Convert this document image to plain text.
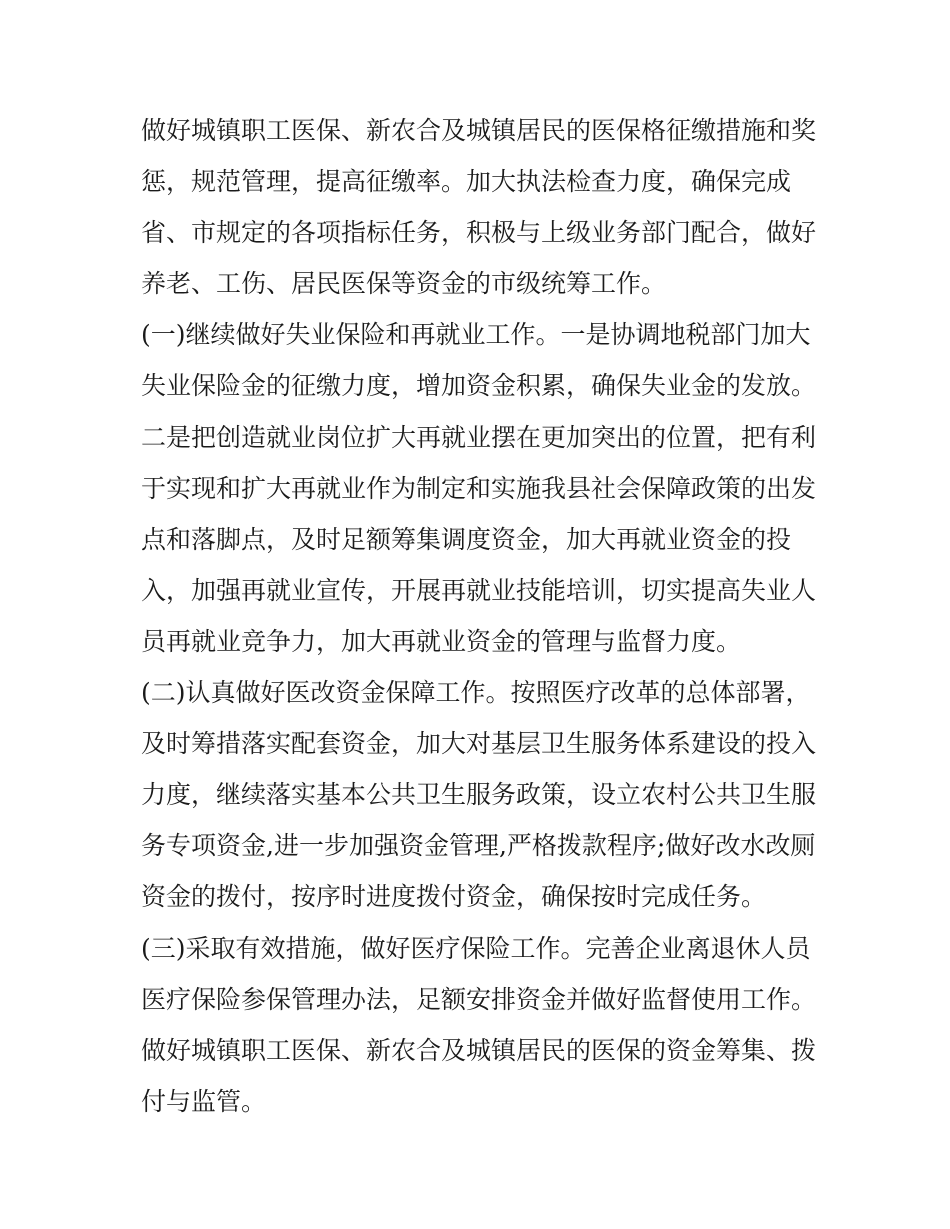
做好城镇职工医保、新农合及城镇居民的医保格征缴措施和奖
惩，规范管理，提高征缴率。加大执法检查力度，确保完成
省、市规定的各项指标任务，积极与上级业务部门配合，做好
养老、工伤、居民医保等资金的市级统筹工作。
(一)继续做好失业保险和再就业工作。一是协调地税部门加大
失业保险金的征缴力度，增加资金积累，确保失业金的发放。
二是把创造就业岗位扩大再就业摆在更加突出的位置，把有利
于实现和扩大再就业作为制定和实施我县社会保障政策的出发
点和落脚点，及时足额筹集调度资金，加大再就业资金的投
入，加强再就业宣传，开展再就业技能培训，切实提高失业人
员再就业竞争力，加大再就业资金的管理与监督力度。
(二)认真做好医改资金保障工作。按照医疗改革的总体部署，
及时筹措落实配套资金，加大对基层卫生服务体系建设的投入
力度，继续落实基本公共卫生服务政策，设立农村公共卫生服
务专项资金,进一步加强资金管理,严格拨款程序;做好改水改厕
资金的拨付，按序时进度拨付资金，确保按时完成任务。
(三)采取有效措施，做好医疗保险工作。完善企业离退休人员
医疗保险参保管理办法，足额安排资金并做好监督使用工作。
做好城镇职工医保、新农合及城镇居民的医保的资金筹集、拨
付与监管。
